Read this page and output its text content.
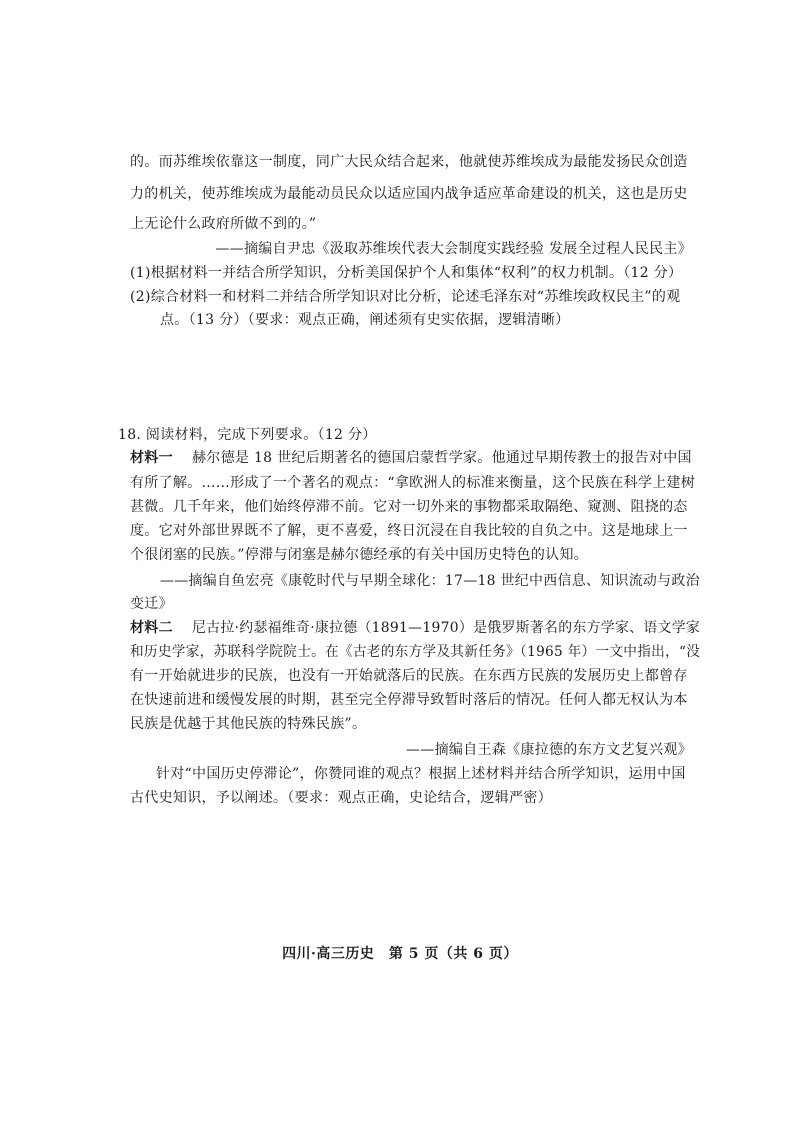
的。而苏维埃依靠这一制度，同广大民众结合起来，他就使苏维埃成为最能发扬民众创造
力的机关，使苏维埃成为最能动员民众以适应国内战争适应革命建设的机关，这也是历史
上无论什么政府所做不到的。”
——摘编自尹忠《汲取苏维埃代表大会制度实践经验 发展全过程人民民主》
(1)根据材料一并结合所学知识，分析美国保护个人和集体“权利”的权力机制。（12 分）
(2)综合材料一和材料二并结合所学知识对比分析，论述毛泽东对“苏维埃政权民主”的观
点。（13 分）（要求：观点正确，阐述须有史实依据，逻辑清晰）
18. 阅读材料，完成下列要求。（12 分）
材料一 赫尔德是 18 世纪后期著名的德国启蒙哲学家。他通过早期传教士的报告对中国
有所了解。……形成了一个著名的观点：“拿欧洲人的标准来衡量，这个民族在科学上建树
甚微。几千年来，他们始终停滞不前。它对一切外来的事物都采取隔绝、窥测、阻挠的态
度。它对外部世界既不了解，更不喜爱，终日沉浸在自我比较的自负之中。这是地球上一
个很闭塞的民族。”停滞与闭塞是赫尔德经承的有关中国历史特色的认知。
——摘编自鱼宏亮《康乾时代与早期全球化：17—18 世纪中西信息、知识流动与政治
变迁》
材料二 尼古拉·约瑟福维奇·康拉德（1891—1970）是俄罗斯著名的东方学家、语文学家
和历史学家，苏联科学院院士。在《古老的东方学及其新任务》（1965 年）一文中指出，“没
有一开始就进步的民族，也没有一开始就落后的民族。在东西方民族的发展历史上都曾存
在快速前进和缓慢发展的时期，甚至完全停滞导致暂时落后的情况。任何人都无权认为本
民族是优越于其他民族的特殊民族”。
——摘编自王森《康拉德的东方文艺复兴观》
针对“中国历史停滞论”，你赞同谁的观点？根据上述材料并结合所学知识，运用中国
古代史知识，予以阐述。（要求：观点正确，史论结合，逻辑严密）
四川·高三历史　第 5 页（共 6 页）
